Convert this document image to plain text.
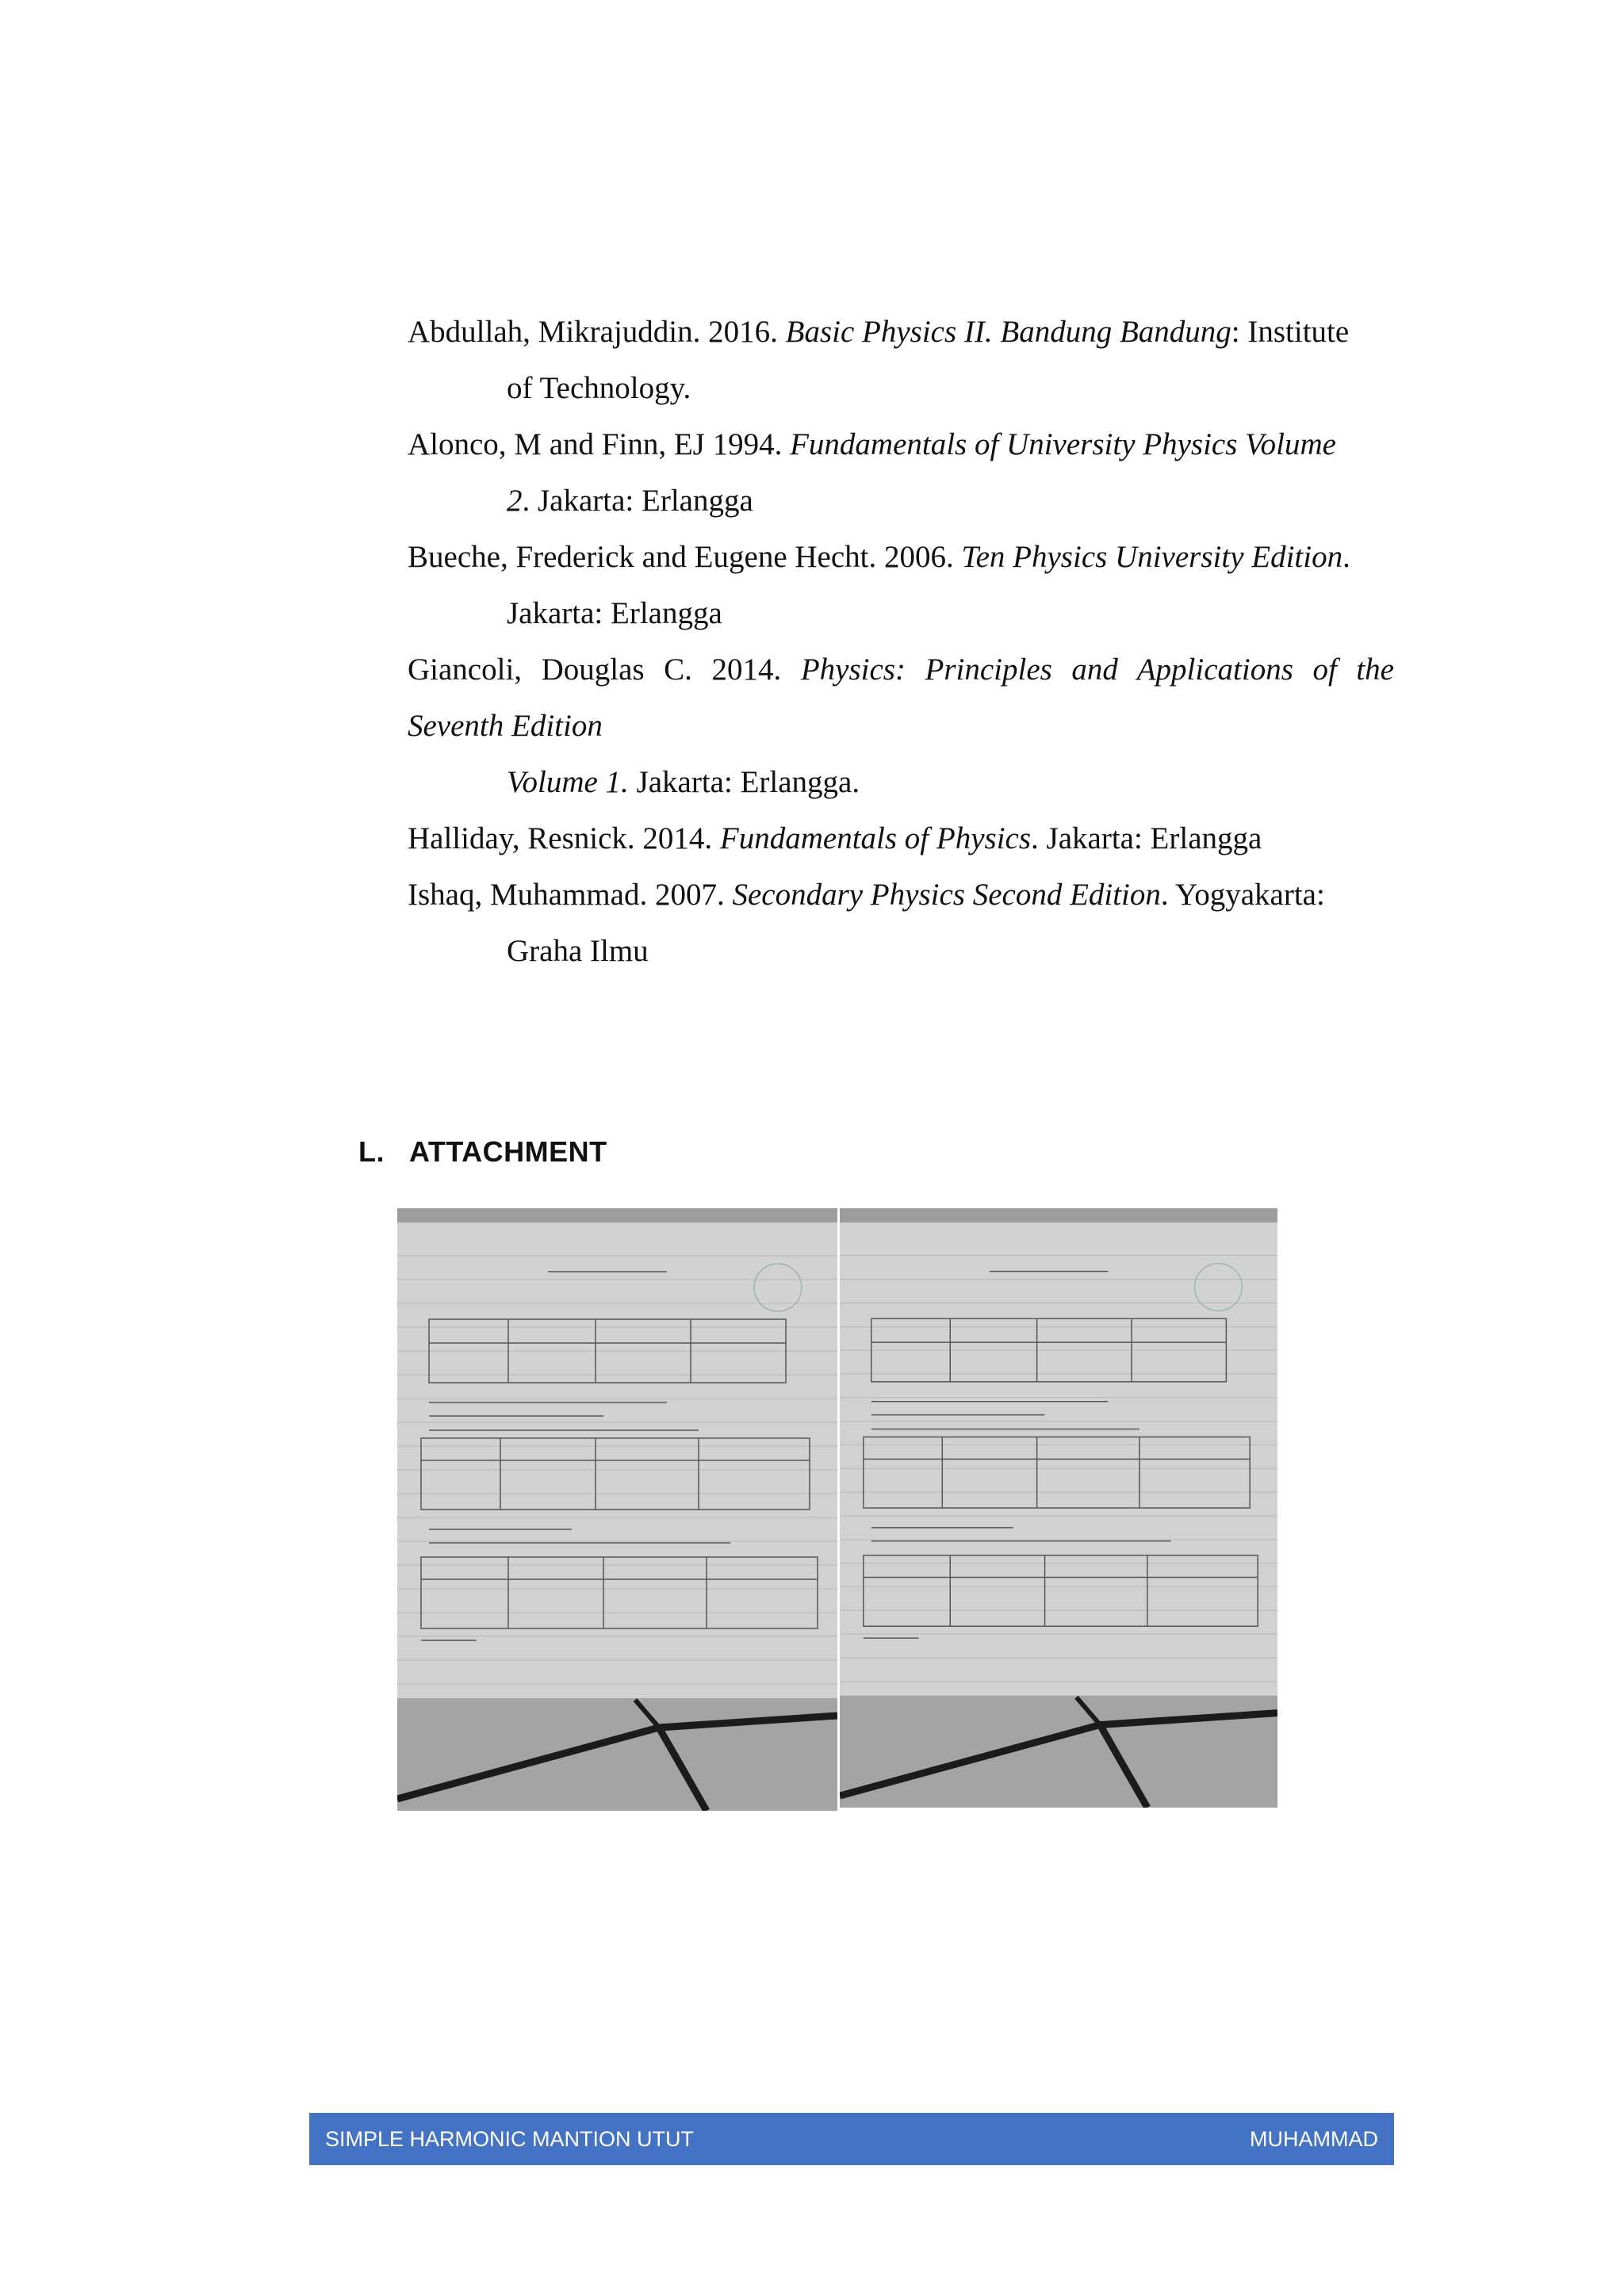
Abdullah, Mikrajuddin. 2016. Basic Physics II. Bandung Bandung: Institute
of Technology.

Alonco, M and Finn, EJ 1994. Fundamentals of University Physics Volume
2. Jakarta: Erlangga

Bueche, Frederick and Eugene Hecht. 2006. Ten Physics University Edition.
Jakarta: Erlangga

Giancoli, Douglas C. 2014. Physics: Principles and Applications of the
Seventh Edition
Volume 1. Jakarta: Erlangga.

Halliday, Resnick. 2014. Fundamentals of Physics. Jakarta: Erlangga

Ishaq, Muhammad. 2007. Secondary Physics Second Edition. Yogyakarta:
Graha Ilmu

L. ATTACHMENT
SIMPLE HARMONIC MANTION UTUT	MUHAMMAD
